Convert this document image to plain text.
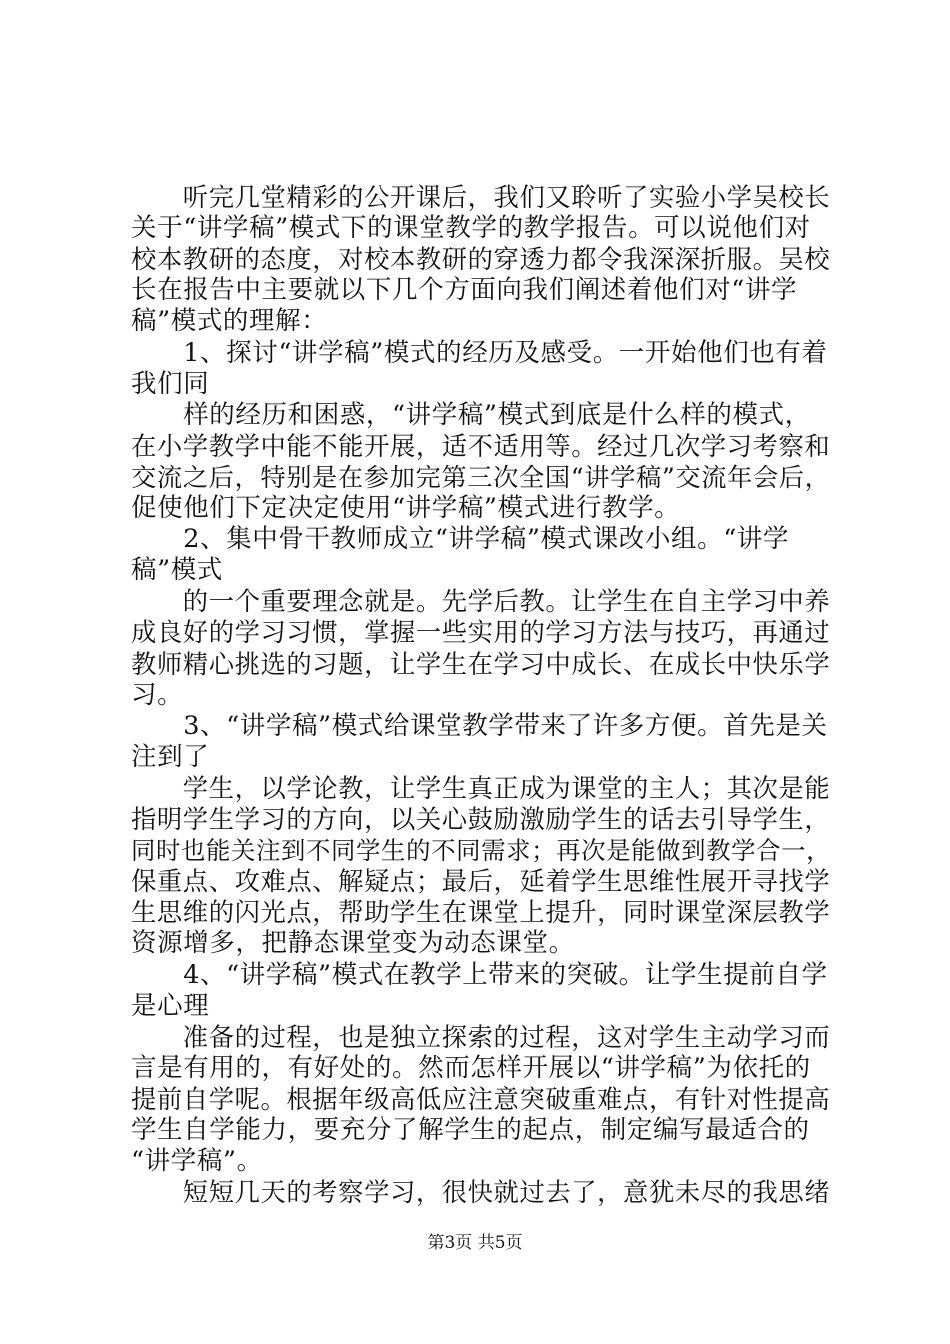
　　听完几堂精彩的公开课后，我们又聆听了实验小学吴校长
关于“讲学稿”模式下的课堂教学的教学报告。可以说他们对
校本教研的态度，对校本教研的穿透力都令我深深折服。吴校
长在报告中主要就以下几个方面向我们阐述着他们对“讲学
稿”模式的理解：
　　1、探讨“讲学稿”模式的经历及感受。一开始他们也有着
我们同
　　样的经历和困惑，“讲学稿”模式到底是什么样的模式，
在小学教学中能不能开展，适不适用等。经过几次学习考察和
交流之后，特别是在参加完第三次全国“讲学稿”交流年会后，
促使他们下定决定使用“讲学稿”模式进行教学。
　　2、集中骨干教师成立“讲学稿”模式课改小组。“讲学
稿”模式
　　的一个重要理念就是。先学后教。让学生在自主学习中养
成良好的学习习惯，掌握一些实用的学习方法与技巧，再通过
教师精心挑选的习题，让学生在学习中成长、在成长中快乐学
习。
　　3、“讲学稿”模式给课堂教学带来了许多方便。首先是关
注到了
　　学生，以学论教，让学生真正成为课堂的主人；其次是能
指明学生学习的方向，以关心鼓励激励学生的话去引导学生，
同时也能关注到不同学生的不同需求；再次是能做到教学合一，
保重点、攻难点、解疑点；最后，延着学生思维性展开寻找学
生思维的闪光点，帮助学生在课堂上提升，同时课堂深层教学
资源增多，把静态课堂变为动态课堂。
　　4、“讲学稿”模式在教学上带来的突破。让学生提前自学
是心理
　　准备的过程，也是独立探索的过程，这对学生主动学习而
言是有用的，有好处的。然而怎样开展以“讲学稿”为依托的
提前自学呢。根据年级高低应注意突破重难点，有针对性提高
学生自学能力，要充分了解学生的起点，制定编写最适合的
“讲学稿”。
　　短短几天的考察学习，很快就过去了，意犹未尽的我思绪
第3页 共5页
